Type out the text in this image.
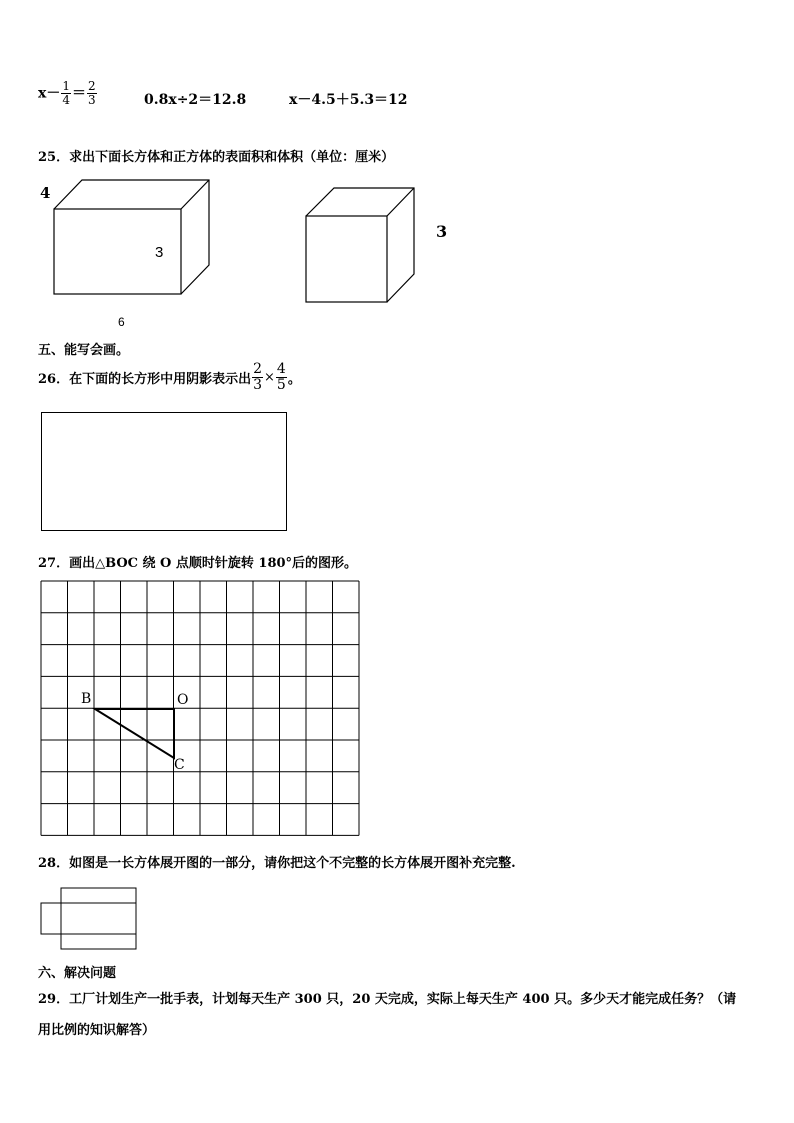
$x- \frac{1}{4} = \frac{2}{3}$	0.8x÷2＝12.8	x－4.5＋5.3＝12
25．求出下面长方体和正方体的表面积和体积（单位：厘米）
4
3
6
3
五、能写会画。
26．在下面的长方形中用阴影表示出 $\frac{2}{3} \times \frac{4}{5}$ 。
27．画出△BOC 绕 O 点顺时针旋转 180°后的图形。
B	O
C
28．如图是一长方体展开图的一部分，请你把这个不完整的长方体展开图补充完整.
六、解决问题
29．工厂计划生产一批手表，计划每天生产 300 只，20 天完成，实际上每天生产 400 只。多少天才能完成任务？（请
用比例的知识解答）
